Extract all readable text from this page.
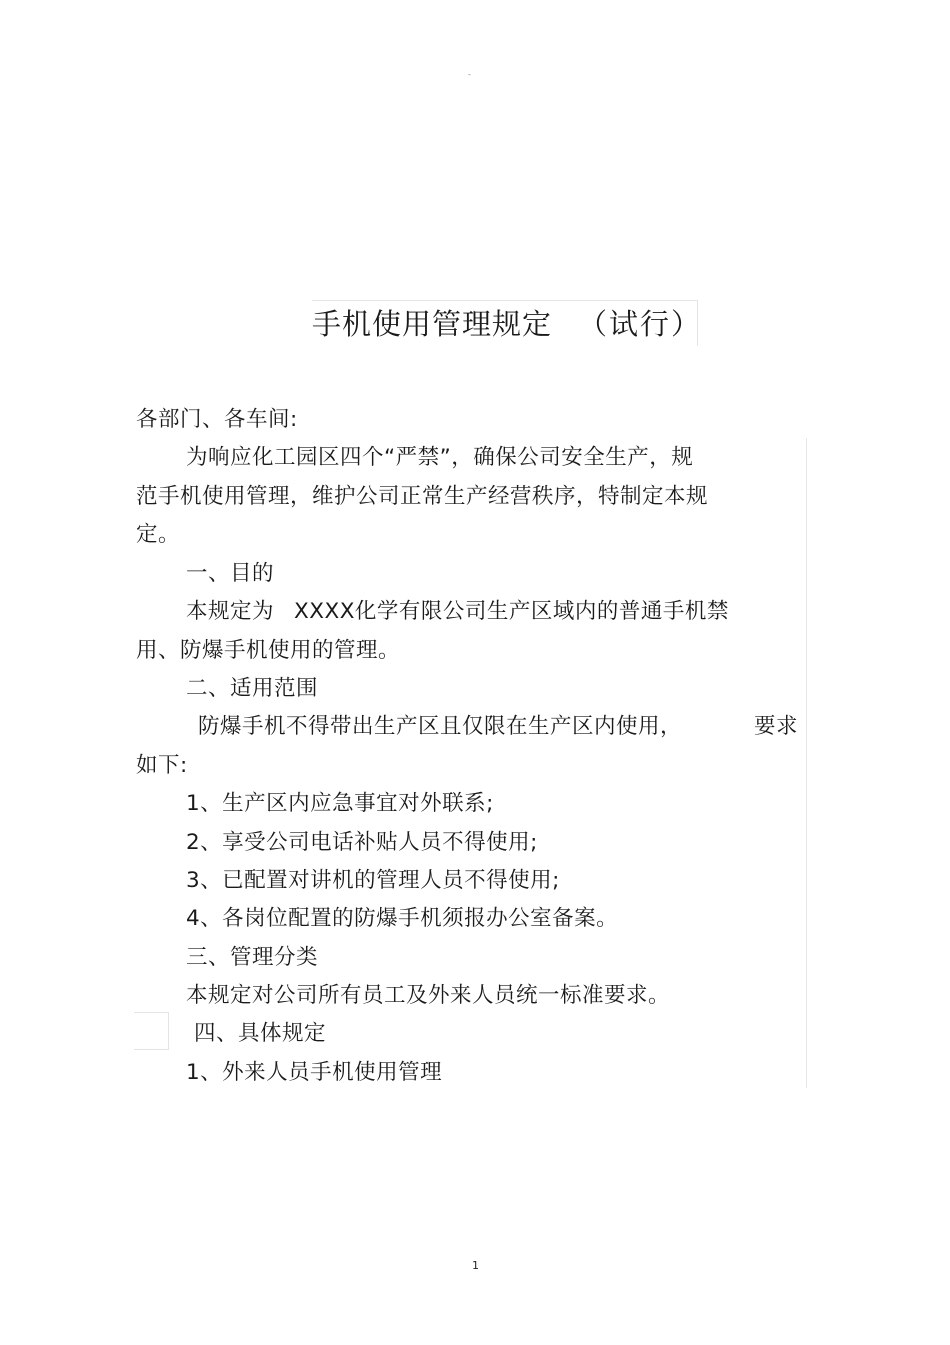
-
手机使用管理规定 （试行）
各部门、各车间:
为响应化工园区四个“严禁”，确保公司安全生产，规
范手机使用管理，维护公司正常生产经营秩序，特制定本规
定。
一、目的
本规定为 XXXX化学有限公司生产区域内的普通手机禁
用、防爆手机使用的管理。
二、适用范围
防爆手机不得带出生产区且仅限在生产区内使用，	要求
如下:
1、生产区内应急事宜对外联系;
2、享受公司电话补贴人员不得使用;
3、已配置对讲机的管理人员不得使用;
4、各岗位配置的防爆手机须报办公室备案。
三、管理分类
本规定对公司所有员工及外来人员统一标准要求。
四、具体规定
1、外来人员手机使用管理
1
